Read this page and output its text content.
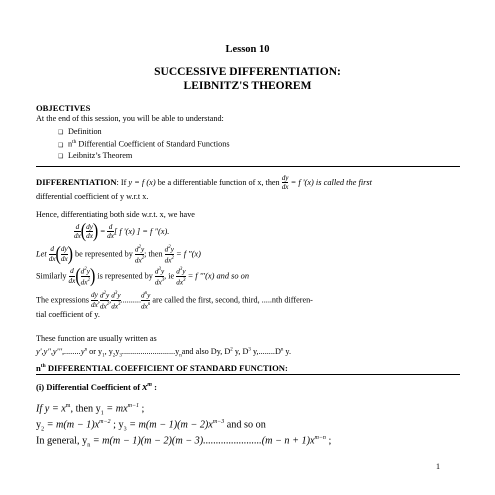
Lesson 10
SUCCESSIVE DIFFERENTIATION:
LEIBNITZ'S THEOREM
OBJECTIVES
At the end of this session, you will be able to understand:
❑ Definition
❑ $n^{th}$ Differential Coefficient of Standard Functions
❑ Leibnitz’s Theorem
DIFFERENTIATION: If y = f (x) be a differentiable function of x, then $\frac{dy}{dx} = f$ '(x) is called the first
differential coefficient of y w.r.t x.
Hence, differentiating both side w.r.t. x, we have
$\frac{d}{dx}$ ( $\frac{dy}{dx}$ ) = $\frac{d}{dx}$ [ f '(x) ] = f "(x).
Let $\frac{d}{dx}$ ( $\frac{dy}{dx}$ ) be represented by $\frac{d^2y}{dx^2}$ ; then $\frac{d^2y}{dx^2} = f$ "(x)
Similarly $\frac{d}{dx}$ ( $\frac{d^2y}{dx^2}$ ) is represented by $\frac{d^3y}{dx^3}$ , ie $\frac{d^3y}{dx^3} = f$ '''(x) and so on
The expressions $\frac{dy}{dx}$ , $\frac{d^2y}{dx^2}$ , $\frac{d^3y}{dx^3}$ .......... $\frac{d^ny}{dx^n}$ are called the first, second, third, .....nth differen-
tial coefficient of y.
These function are usually written as
$y',y",y''',........y^n$ or $y_1$, $y_2y_3..........................y_nand$ also Dy, $D^2$ y, $D^3$ $y,........D^n$ y.
$n^{th}$ DIFFERENTIAL COEFFICIENT OF STANDARD FUNCTION:
(i) Differential Coefficient of $x^m$ :
If $y = x^m$, then $y_1 = mx^{m-1}$ ;
$y_2 = m(m - 1)x^{m-2}$ ; $y_3 = m(m - 1)(m - 2)x^{m-3}$ and so on
In general, $y_n = m(m - 1)(m - 2)(m - 3).......................(m - n + 1)x^{m-n}$ ;
1
